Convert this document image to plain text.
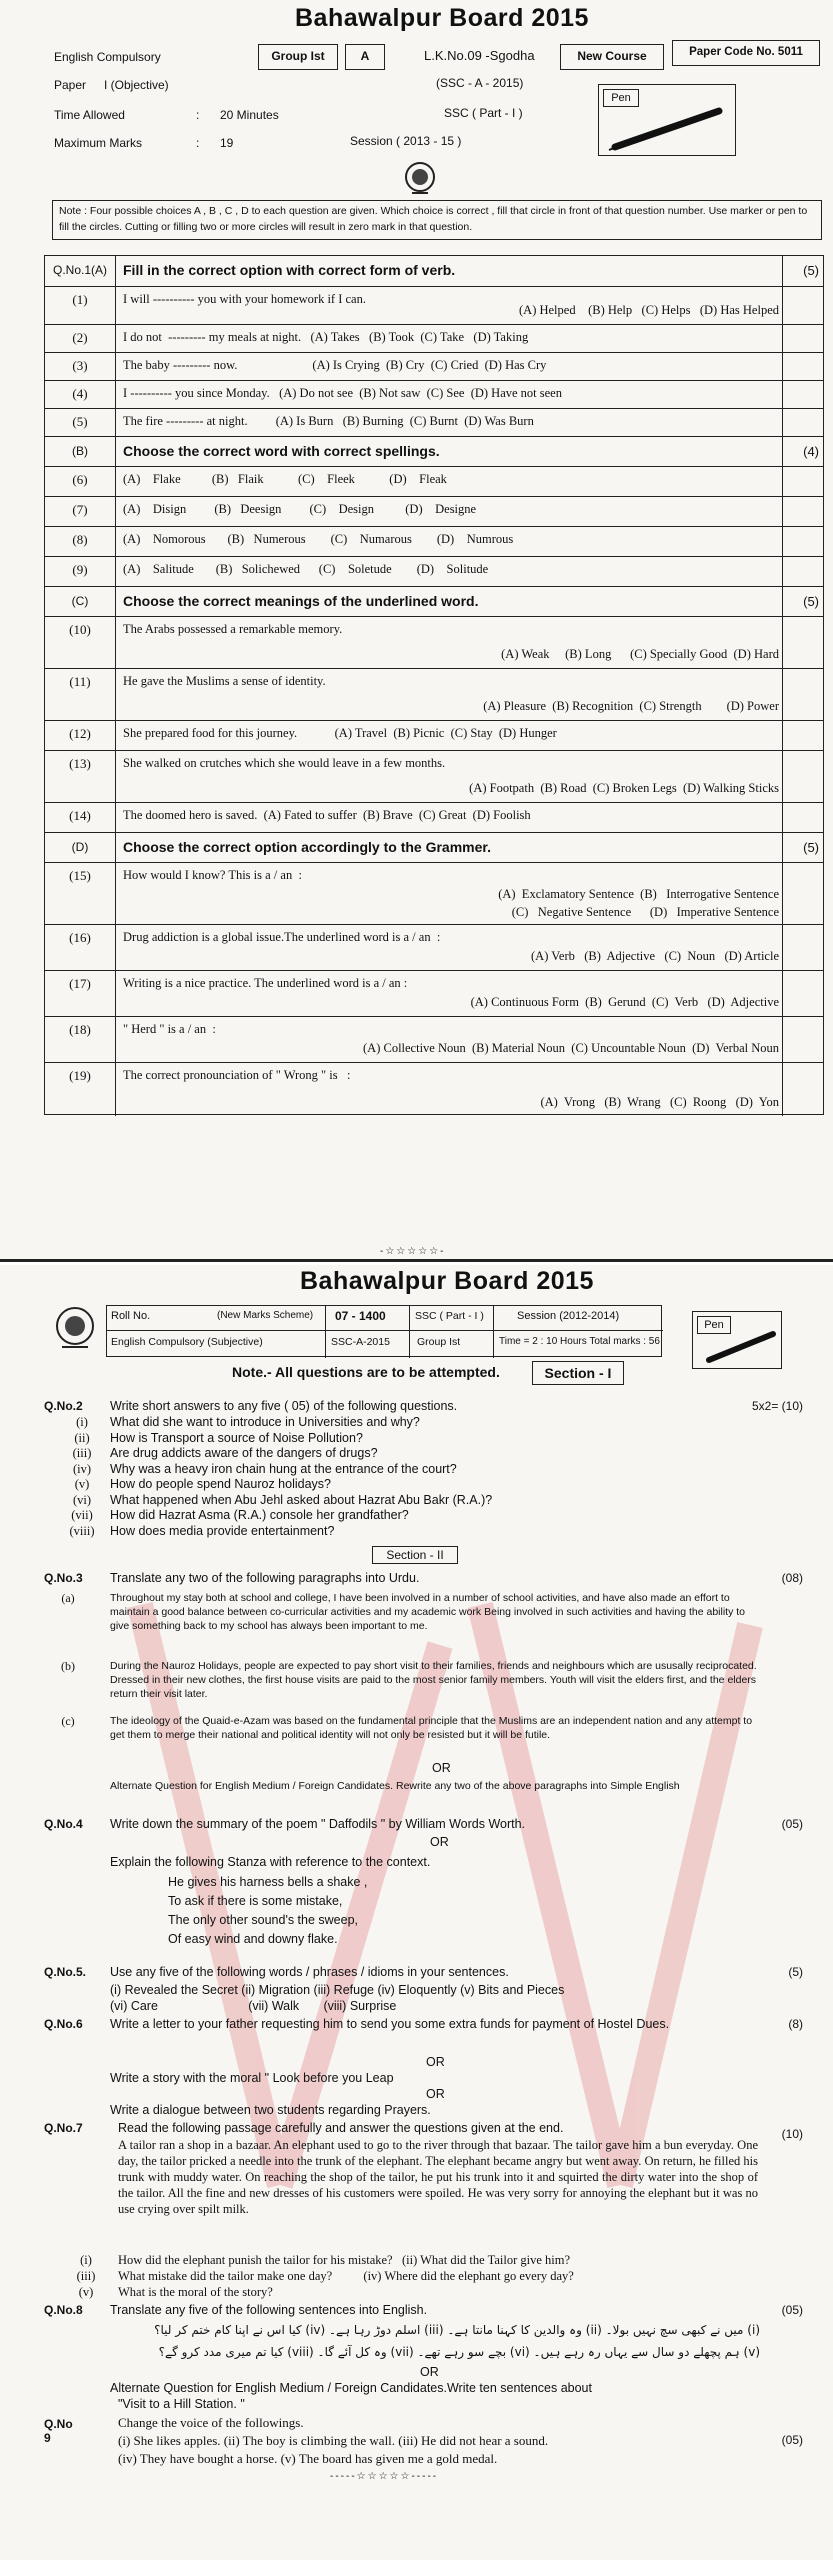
Bahawalpur Board 2015
English Compulsory	Group Ist	A	L.K.No.09 -Sgodha	New Course	Paper Code No. 5011
Paper I (Objective)	(SSC - A - 2015)
Time Allowed	: 20 Minutes	SSC ( Part - I )
Maximum Marks	: 19	Session ( 2013 - 15 )
Pen
Note : Four possible choices A , B , C , D to each question are given. Which choice is correct , fill that circle in front of that question number. Use marker or pen to fill the circles. Cutting or filling two or more circles will result in zero mark in that question.
Q.No.1(A) Fill in the correct option with correct form of verb.	(5)
(1)	I will ---------- you with your homework if I can.
(A) Helped    (B) Help   (C) Helps   (D) Has Helped
(2)	I do not  --------- my meals at night.   (A) Takes   (B) Took  (C) Take   (D) Taking
(3)	The baby --------- now.                        (A) Is Crying  (B) Cry  (C) Cried  (D) Has Cry
(4)	I ---------- you since Monday.   (A) Do not see  (B) Not saw  (C) See  (D) Have not seen
(5)	The fire --------- at night.         (A) Is Burn   (B) Burning  (C) Burnt  (D) Was Burn
(B)	Choose the correct word with correct spellings.	(4)
(6)	(A)    Flake          (B)   Flaik           (C)    Fleek           (D)    Fleak
(7)	(A)    Disign         (B)   Deesign         (C)    Design          (D)    Designe
(8)	(A)    Nomorous       (B)   Numerous        (C)    Numarous        (D)    Numrous
(9)	(A)    Salitude       (B)   Solichewed      (C)    Soletude        (D)    Solitude
(C)	Choose the correct meanings of the underlined word.	(5)
(10)	The Arabs possessed a remarkable memory.
(A) Weak     (B) Long      (C) Specially Good  (D) Hard
(11)	He gave the Muslims a sense of identity.
(A) Pleasure  (B) Recognition  (C) Strength        (D) Power
(12)	She prepared food for this journey.            (A) Travel  (B) Picnic  (C) Stay  (D) Hunger
(13)	She walked on crutches which she would leave in a few months.
(A) Footpath  (B) Road  (C) Broken Legs  (D) Walking Sticks
(14)	The doomed hero is saved.  (A) Fated to suffer  (B) Brave  (C) Great  (D) Foolish
(D)	Choose the correct option accordingly to the Grammer.	(5)
(15)	How would I know? This is a / an  :
(A)  Exclamatory Sentence  (B)   Interrogative Sentence
(C)   Negative Sentence      (D)   Imperative Sentence
(16)	Drug addiction is a global issue.The underlined word is a / an  :
(A) Verb   (B)  Adjective   (C)  Noun   (D) Article
(17)	Writing is a nice practice. The underlined word is a / an :
(A) Continuous Form  (B)  Gerund  (C)  Verb   (D)  Adjective
(18)	" Herd " is a / an  :
(A) Collective Noun  (B) Material Noun  (C) Uncountable Noun  (D)  Verbal Noun
(19)	The correct pronounciation of " Wrong " is   :
(A)  Vrong   (B)  Wrang   (C)  Roong   (D)  Yon
-☆☆☆☆☆-
Bahawalpur Board 2015
Roll No.	(New Marks Scheme) 07 - 1400	SSC ( Part - I )	Session (2012-2014)
English Compulsory (Subjective)	SSC-A-2015	Group Ist	Time = 2 : 10 Hours Total marks : 56
Pen
Note.- All questions are to be attempted.	Section - I
Q.No.2 Write short answers to any five ( 05) of the following questions.	5x2= (10)
(i) What did she want to introduce in Universities and why?
(ii) How is Transport a source of Noise Pollution?
(iii) Are drug addicts aware of the dangers of drugs?
(iv) Why was a heavy iron chain hung at the entrance of the court?
(v) How do people spend Nauroz holidays?
(vi) What happened when Abu Jehl asked about Hazrat Abu Bakr (R.A.)?
(vii) How did Hazrat Asma (R.A.) console her grandfather?
(viii) How does media provide entertainment?
Section - II
Q.No.3 Translate any two of the following paragraphs into Urdu.	(08)
(a)	Throughout my stay both at school and college, I have been involved in a number of school activities, and have also made an effort to maintain a good balance between co-curricular activities and my academic work Being involved in such activities and having the ability to give something back to my school has always been important to me.
(b)	During the Nauroz Holidays, people are expected to pay short visit to their families, friends and neighbours which are ususally reciprocated. Dressed in their new clothes, the first house visits are paid to the most senior family members. Youth will visit the elders first, and the elders return their visit later.
(c)	The ideology of the Quaid-e-Azam was based on the fundamental principle that the Muslims are an independent nation and any attempt to get them to merge their national and political identity will not only be resisted but it will be futile.
OR
Alternate Question for English Medium / Foreign Candidates. Rewrite any two of the above paragraphs into Simple English
Q.No.4 Write down the summary of the poem " Daffodils " by William Words Worth.	(05)
OR
Explain the following Stanza with reference to the context.
He gives his harness bells a shake ,
To ask if there is some mistake,
The only other sound's the sweep,
Of easy wind and downy flake.
Q.No.5. Use any five of the following words / phrases / idioms in your sentences.	(5)
(i) Revealed the Secret (ii) Migration (iii) Refuge (iv) Eloquently (v) Bits and Pieces
(vi) Care                          (vii) Walk       (viii) Surprise
Q.No.6 Write a letter to your father requesting him to send you some extra funds for payment of Hostel Dues.	(8)
OR
Write a story with the moral " Look before you Leap
OR
Write a dialogue between two students regarding Prayers.
Q.No.7	Read the following passage carefully and answer the questions given at the end.	(10)
A tailor ran a shop in a bazaar. An elephant used to go to the river through that bazaar. The tailor gave him a bun everyday. One day, the tailor pricked a needle into the trunk of the elephant. The elephant became angry but went away. On return, he filled his trunk with muddy water. On reaching the shop of the tailor, he put his trunk into it and squirted the dirty water into the shop of the tailor. All the fine and new dresses of his customers were spoiled. He was very sorry for annoying the elephant but it was no use crying over spilt milk.
(i) How did the elephant punish the tailor for his mistake?   (ii) What did the Tailor give him?
(iii) What mistake did the tailor make one day?          (iv) Where did the elephant go every day?
(v) What is the moral of the story?
Q.No.8 Translate any five of the following sentences into English.	(05)
(i) میں نے کبھی سچ نہیں بولا۔ (ii) وہ والدین کا کہنا مانتا ہے۔ (iii) اسلم دوڑ رہا ہے۔ (iv) کیا اس نے اپنا کام ختم کر لیا؟
(v) ہم پچھلے دو سال سے یہاں رہ رہے ہیں۔ (vi) بچے سو رہے تھے۔ (vii) وہ کل آئے گا۔ (viii) کیا تم میری مدد کرو گے؟
OR
Alternate Question for English Medium / Foreign Candidates.Write ten sentences about
"Visit to a Hill Station. "
Q.No 9
Change the voice of the followings.
(05)
(i) She likes apples. (ii) The boy is climbing the wall. (iii) He did not hear a sound.
(iv) They have bought a horse. (v) The board has given me a gold medal.
-----☆☆☆☆☆-----
